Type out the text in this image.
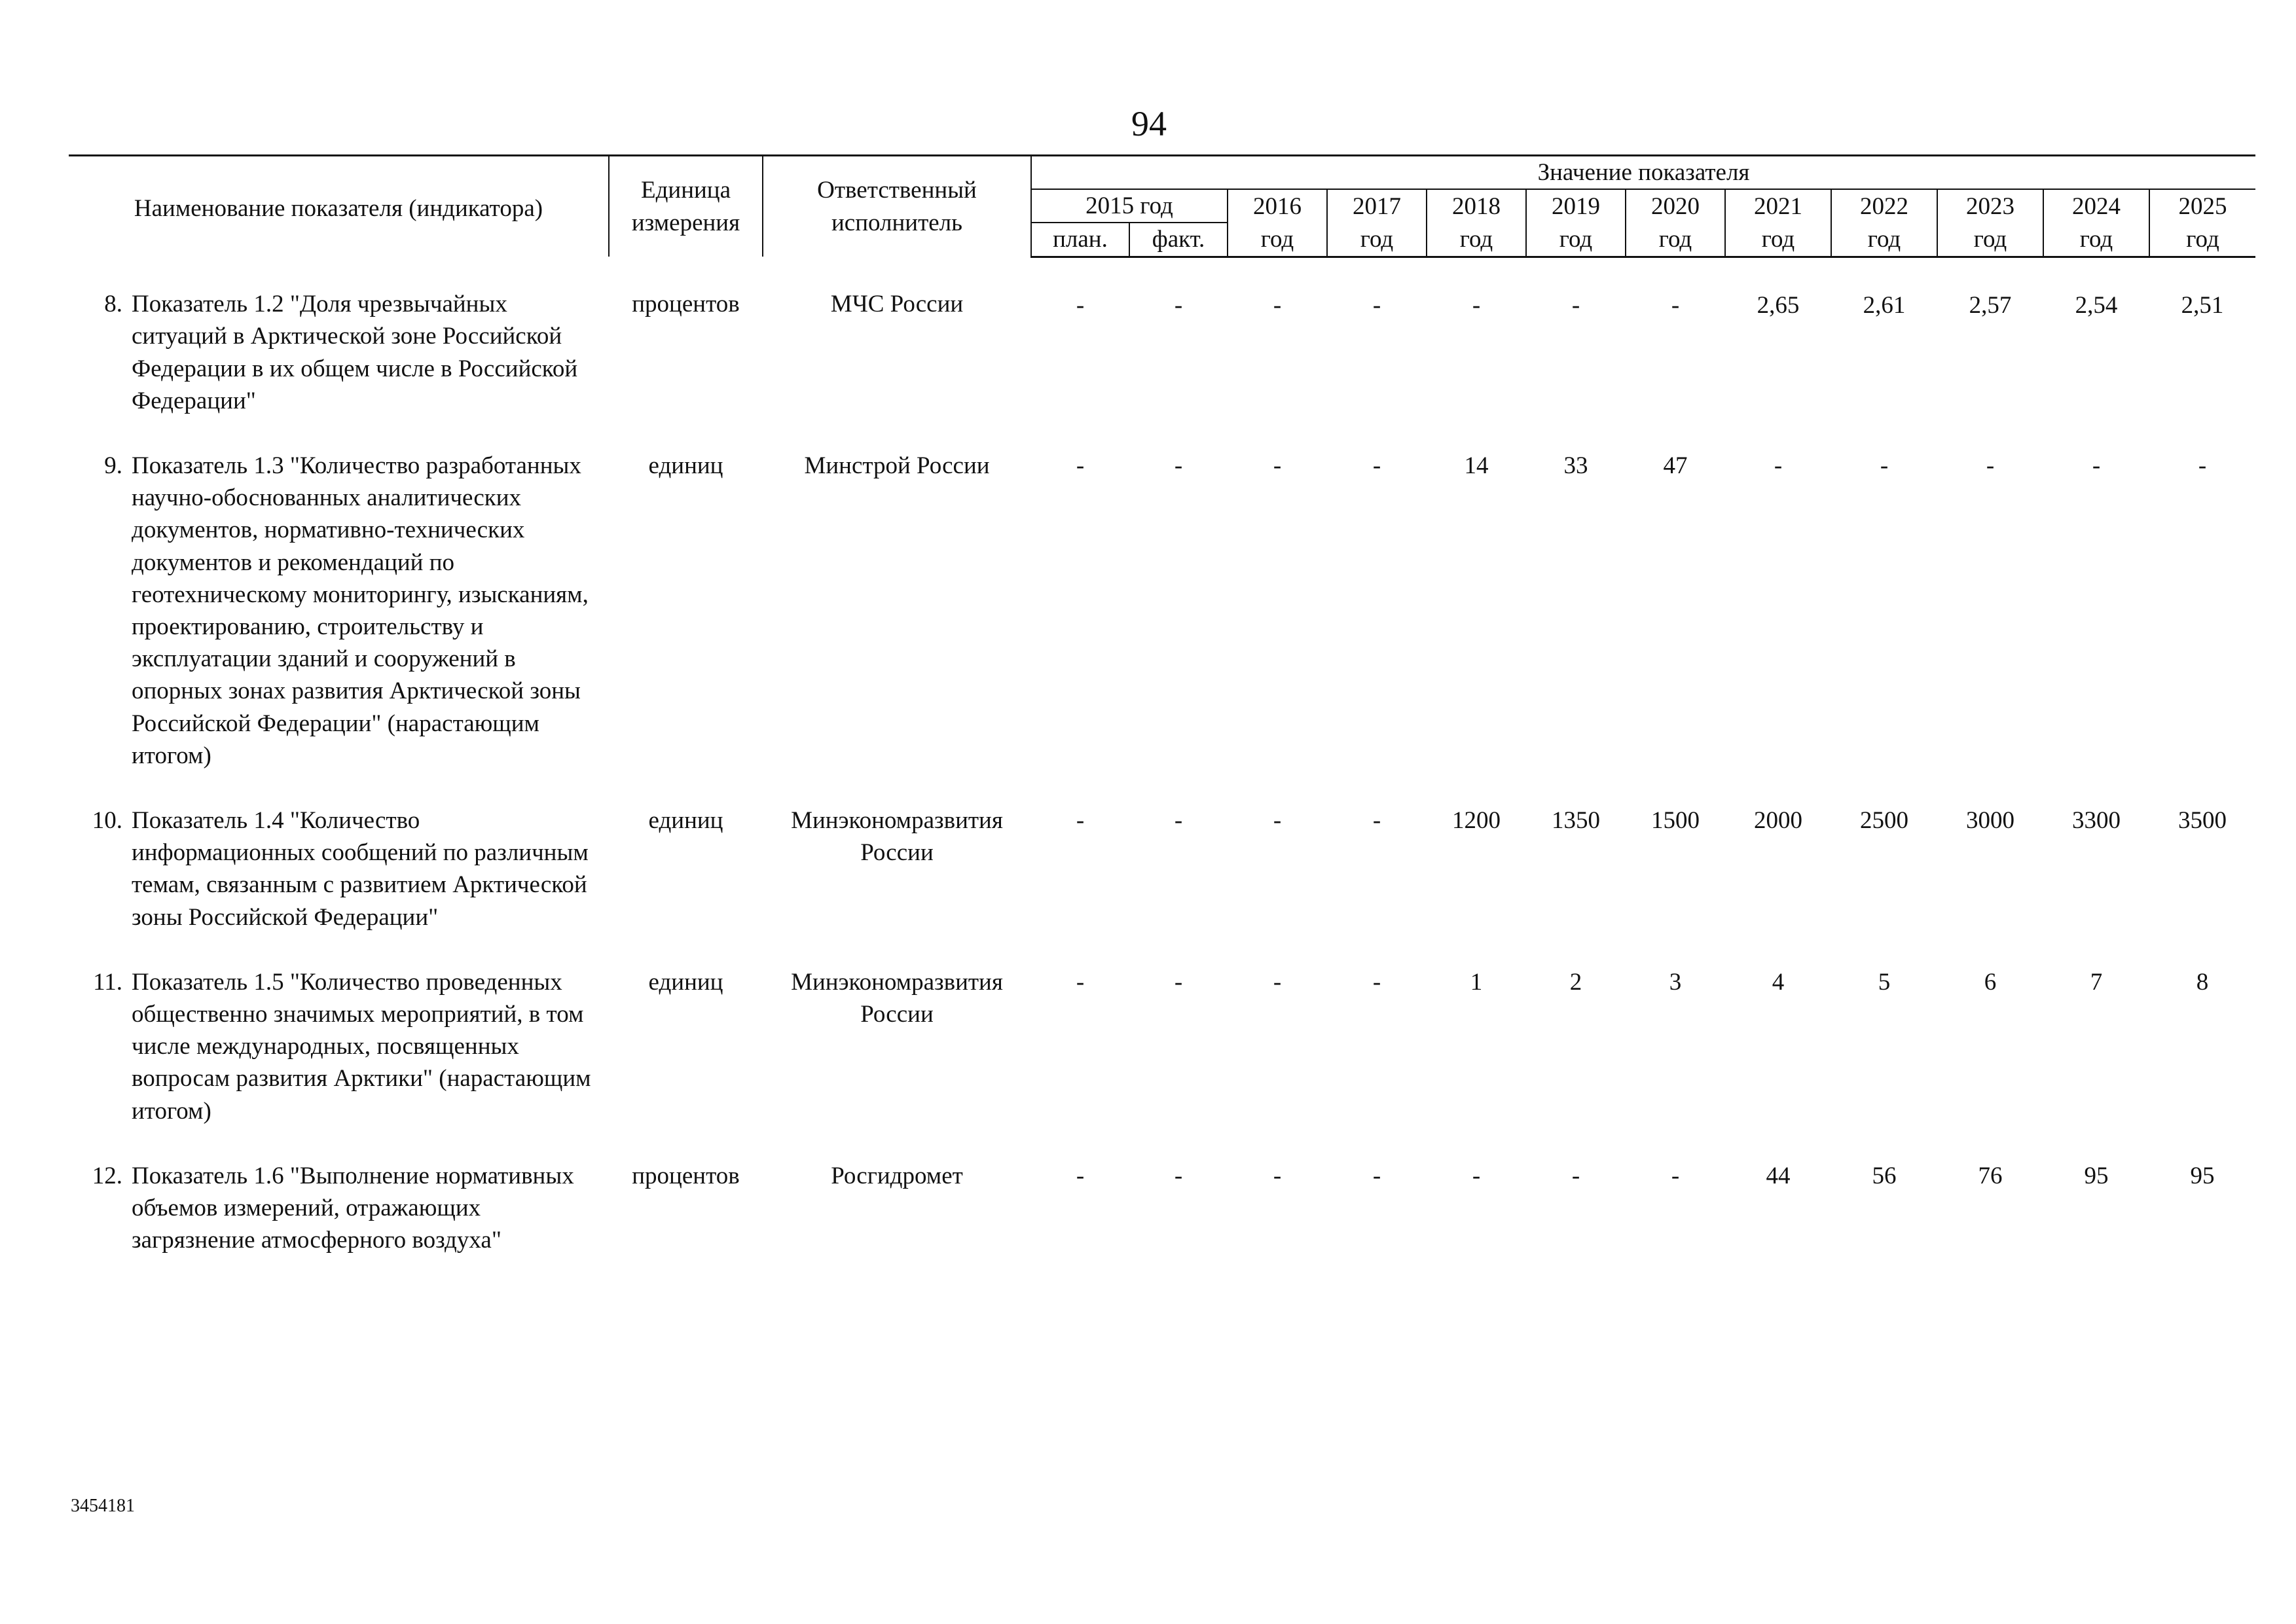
94
Наименование показателя (индикатора)	Единица измерения	Ответственный исполнитель	Значение показателя											
			2015 год		2016	2017	2018	2019	2020	2021	2022	2023	2024	2025
			план.	факт.	год	год	год	год	год	год	год	год	год	год
8. Показатель 1.2 "Доля чрезвычайных ситуаций в Арктической зоне Российской Федерации в их общем числе в Российской Федерации"	процентов	МЧС России	-	-	-	-	-	-	-	2,65	2,61	2,57	2,54	2,51
9. Показатель 1.3 "Количество разработанных научно-обоснованных аналитических документов, нормативно-технических документов и рекомендаций по геотехническому мониторингу, изысканиям, проектированию, строительству и эксплуатации зданий и сооружений в опорных зонах развития Арктической зоны Российской Федерации" (нарастающим итогом)	единиц	Минстрой России	-	-	-	-	14	33	47	-	-	-	-	-
10. Показатель 1.4 "Количество информационных сообщений по различным темам, связанным с развитием Арктической зоны Российской Федерации"	единиц	Минэкономразвития России	-	-	-	-	1200	1350	1500	2000	2500	3000	3300	3500
11. Показатель 1.5 "Количество проведенных общественно значимых мероприятий, в том числе международных, посвященных вопросам развития Арктики" (нарастающим итогом)	единиц	Минэкономразвития России	-	-	-	-	1	2	3	4	5	6	7	8
12. Показатель 1.6 "Выполнение нормативных объемов измерений, отражающих загрязнение атмосферного воздуха"	процентов	Росгидромет	-	-	-	-	-	-	-	44	56	76	95	95
3454181
